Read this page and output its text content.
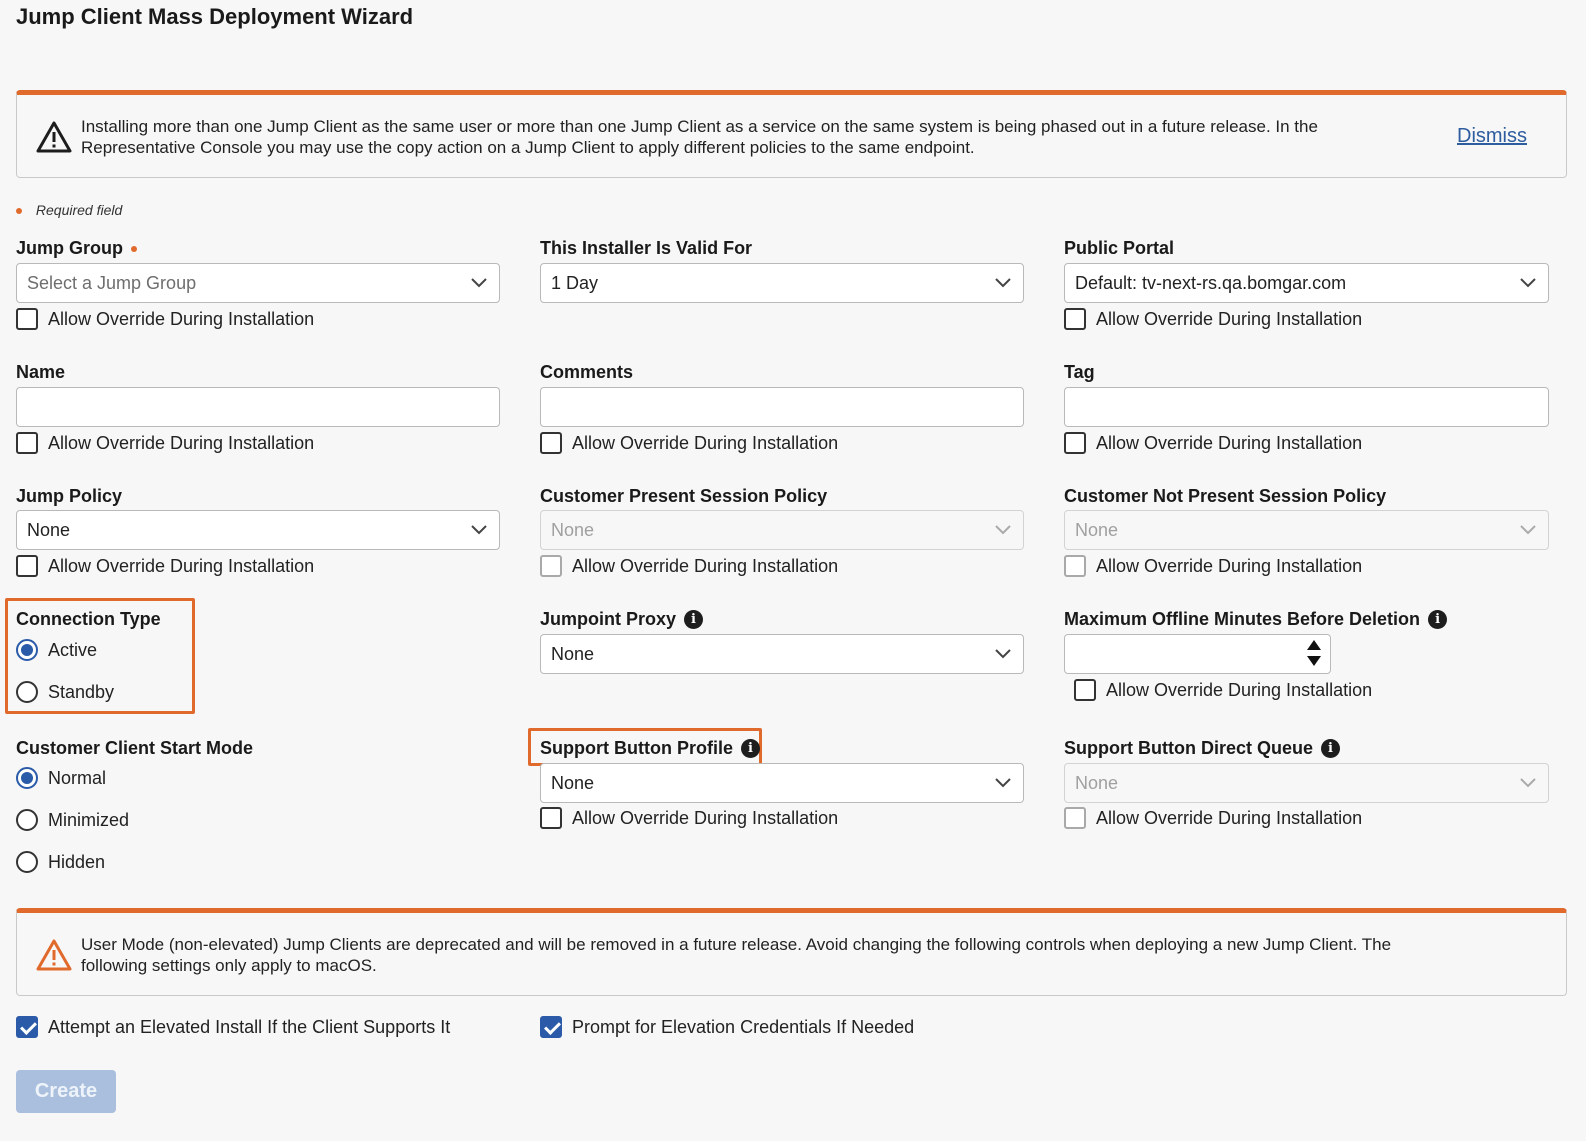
Jump Client Mass Deployment Wizard
Installing more than one Jump Client as the same user or more than one Jump Client as a service on the same system is being phased out in a future release. In the
Representative Console you may use the copy action on a Jump Client to apply different policies to the same endpoint.
Dismiss
Required field
Jump Group
Select a Jump Group
Allow Override During Installation
This Installer Is Valid For
1 Day
Public Portal
Default: tv-next-rs.qa.bomgar.com
Allow Override During Installation
Name
Allow Override During Installation
Comments
Allow Override During Installation
Tag
Allow Override During Installation
Jump Policy
None
Allow Override During Installation
Customer Present Session Policy
None
Allow Override During Installation
Customer Not Present Session Policy
None
Allow Override During Installation
Connection Type
Active
Standby
Jumpoint Proxy	i
None
Maximum Offline Minutes Before Deletion	i
Allow Override During Installation
Customer Client Start Mode
Normal
Minimized
Hidden
Support Button Profile	i
None
Allow Override During Installation
Support Button Direct Queue	i
None
Allow Override During Installation
User Mode (non-elevated) Jump Clients are deprecated and will be removed in a future release. Avoid changing the following controls when deploying a new Jump Client. The
following settings only apply to macOS.
Attempt an Elevated Install If the Client Supports It	Prompt for Elevation Credentials If Needed
Create
